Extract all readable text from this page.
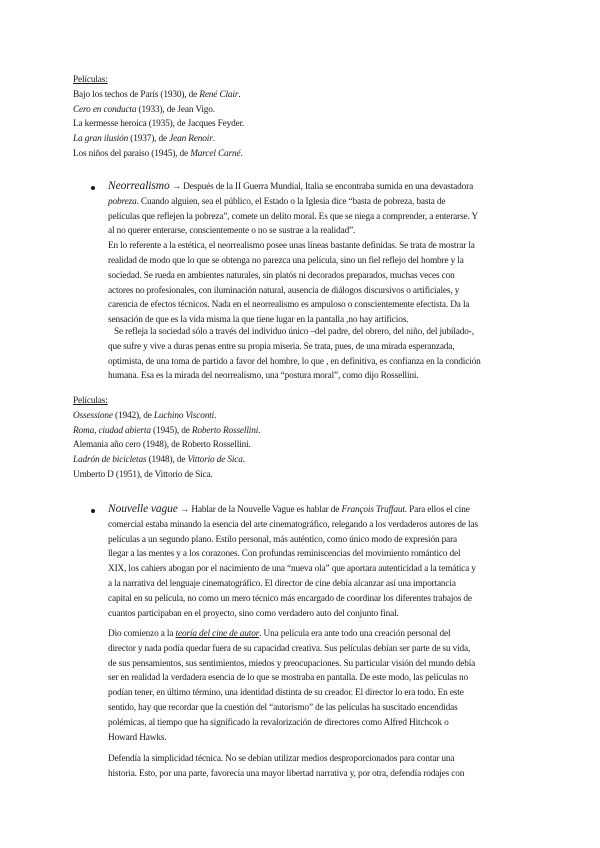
Películas:
Bajo los techos de París (1930), de René Clair.
Cero en conducta (1933), de Jean Vigo.
La kermesse heroica (1935), de Jacques Feyder.
La gran ilusión (1937), de Jean Renoir.
Los niños del paraíso (1945), de Marcel Carné.
Neorrealismo → Después de la II Guerra Mundial, Italia se encontraba sumida en una devastadora
pobreza. Cuando alguien, sea el público, el Estado o la Iglesia dice “basta de pobreza, basta de
películas que reflejen la pobreza”, comete un delito moral. Es que se niega a comprender, a enterarse. Y
al no querer enterarse, conscientemente o no se sustrae a la realidad”.
En lo referente a la estética, el neorrealismo posee unas líneas bastante definidas. Se trata de mostrar la
realidad de modo que lo que se obtenga no parezca una película, sino un fiel reflejo del hombre y la
sociedad. Se rueda en ambientes naturales, sin platós ni decorados preparados, muchas veces con
actores no profesionales, con iluminación natural, ausencia de diálogos discursivos o artificiales, y
carencia de efectos técnicos. Nada en el neorrealismo es ampuloso o conscientemente efectista. Da la
sensación de que es la vida misma la que tiene lugar en la pantalla ,no hay artificios.
Se refleja la sociedad sólo a través del individuo único –del padre, del obrero, del niño, del jubilado-,
que sufre y vive a duras penas entre su propia miseria. Se trata, pues, de una mirada esperanzada,
optimista, de una toma de partido a favor del hombre, lo que , en definitiva, es confianza en la condición
humana. Esa es la mirada del neorrealismo, una “postura moral”, como dijo Rossellini.
Películas:
Ossessione (1942), de Luchino Visconti.
Roma, ciudad abierta (1945), de Roberto Rossellini.
Alemania año cero (1948), de Roberto Rossellini.
Ladrón de bicicletas (1948), de Vittorio de Sica.
Umberto D (1951), de Vittorio de Sica.
Nouvelle vague → Hablar de la Nouvelle Vague es hablar de François Truffaut. Para ellos el cine
comercial estaba minando la esencia del arte cinematográfico, relegando a los verdaderos autores de las
películas a un segundo plano. Estilo personal, más auténtico, como único modo de expresión para
llegar a las mentes y a los corazones. Con profundas reminiscencias del movimiento romántico del
XIX, los cahiers abogan por el nacimiento de una “nueva ola” que aportara autenticidad a la temática y
a la narrativa del lenguaje cinematográfico. El director de cine debía alcanzar así una importancia
capital en su película, no como un mero técnico más encargado de coordinar los diferentes trabajos de
cuantos participaban en el proyecto, sino como verdadero auto del conjunto final.
Dio comienzo a la teoría del cine de autor. Una película era ante todo una creación personal del
director y nada podía quedar fuera de su capacidad creativa. Sus películas debían ser parte de su vida,
de sus pensamientos, sus sentimientos, miedos y preocupaciones. Su particular visión del mundo debía
ser en realidad la verdadera esencia de lo que se mostraba en pantalla. De este modo, las películas no
podían tener, en último término, una identidad distinta de su creador. El director lo era todo. En este
sentido, hay que recordar que la cuestión del “autorismo” de las películas ha suscitado encendidas
polémicas, al tiempo que ha significado la revalorización de directores como Alfred Hitchcok o
Howard Hawks.
Defendía la simplicidad técnica. No se debían utilizar medios desproporcionados para contar una
historia. Esto, por una parte, favorecía una mayor libertad narrativa y, por otra, defendía rodajes con
